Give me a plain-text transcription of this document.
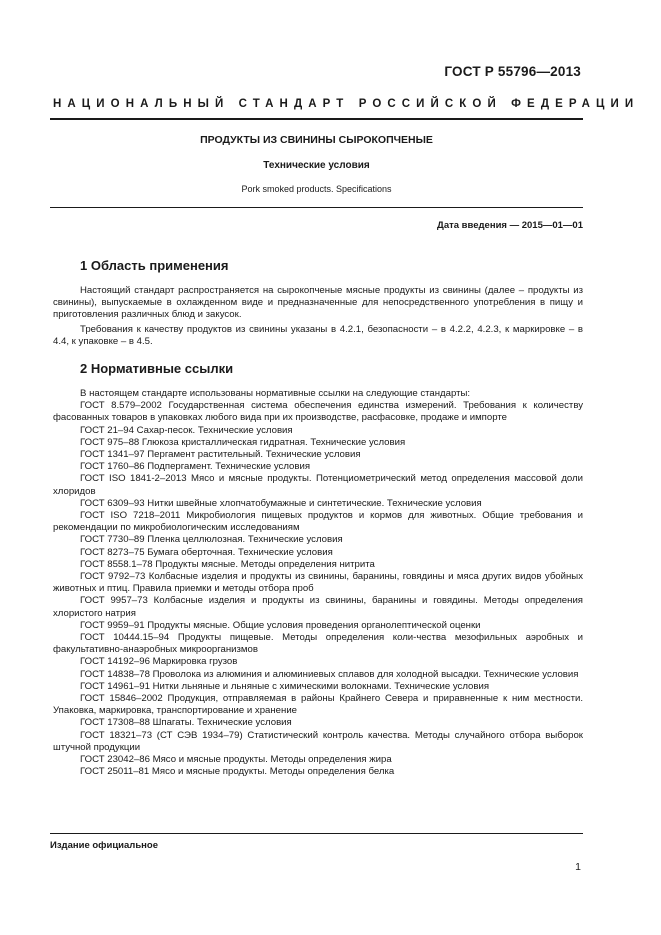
ГОСТ Р 55796—2013
НАЦИОНАЛЬНЫЙ СТАНДАРТ РОССИЙСКОЙ ФЕДЕРАЦИИ
ПРОДУКТЫ ИЗ СВИНИНЫ СЫРОКОПЧЕНЫЕ
Технические условия
Pork smoked products. Specifications
Дата введения — 2015—01—01
1 Область применения

Настоящий стандарт распространяется на сырокопченые мясные продукты из свинины (далее – продукты из свинины), выпускаемые в охлажденном виде и предназначенные для непосредственного употребления в пищу и приготовления различных блюд и закусок.

Требования к качеству продуктов из свинины указаны в 4.2.1, безопасности – в 4.2.2, 4.2.3, к маркировке – в 4.4, к упаковке – в 4.5.

2 Нормативные ссылки

В настоящем стандарте использованы нормативные ссылки на следующие стандарты:

ГОСТ 8.579–2002 Государственная система обеспечения единства измерений. Требования к количеству фасованных товаров в упаковках любого вида при их производстве, расфасовке, продаже и импорте

ГОСТ 21–94 Сахар-песок. Технические условия

ГОСТ 975–88 Глюкоза кристаллическая гидратная. Технические условия

ГОСТ 1341–97 Пергамент растительный. Технические условия

ГОСТ 1760–86 Подпергамент. Технические условия

ГОСТ ISO 1841-2–2013 Мясо и мясные продукты. Потенциометрический метод определения массовой доли хлоридов

ГОСТ 6309–93 Нитки швейные хлопчатобумажные и синтетические. Технические условия

ГОСТ ISO 7218–2011 Микробиология пищевых продуктов и кормов для животных. Общие требования и рекомендации по микробиологическим исследованиям

ГОСТ 7730–89 Пленка целлюлозная. Технические условия

ГОСТ 8273–75 Бумага оберточная. Технические условия

ГОСТ 8558.1–78 Продукты мясные. Методы определения нитрита

ГОСТ 9792–73 Колбасные изделия и продукты из свинины, баранины, говядины и мяса других видов убойных животных и птиц. Правила приемки и методы отбора проб

ГОСТ 9957–73 Колбасные изделия и продукты из свинины, баранины и говядины. Методы определения хлористого натрия

ГОСТ 9959–91 Продукты мясные. Общие условия проведения органолептической оценки

ГОСТ 10444.15–94 Продукты пищевые. Методы определения коли-чества мезофильных аэробных и факультативно-анаэробных микроорганизмов

ГОСТ 14192–96 Маркировка грузов

ГОСТ 14838–78 Проволока из алюминия и алюминиевых сплавов для холодной высадки. Технические условия

ГОСТ 14961–91 Нитки льняные и льняные с химическими волокнами. Технические условия

ГОСТ 15846–2002 Продукция, отправляемая в районы Крайнего Севера и приравненные к ним местности. Упаковка, маркировка, транспортирование и хранение

ГОСТ 17308–88 Шпагаты. Технические условия

ГОСТ 18321–73 (СТ СЭВ 1934–79) Статистический контроль качества. Методы случайного отбора выборок штучной продукции

ГОСТ 23042–86 Мясо и мясные продукты. Методы определения жира

ГОСТ 25011–81 Мясо и мясные продукты. Методы определения белка

Издание официальное
1
